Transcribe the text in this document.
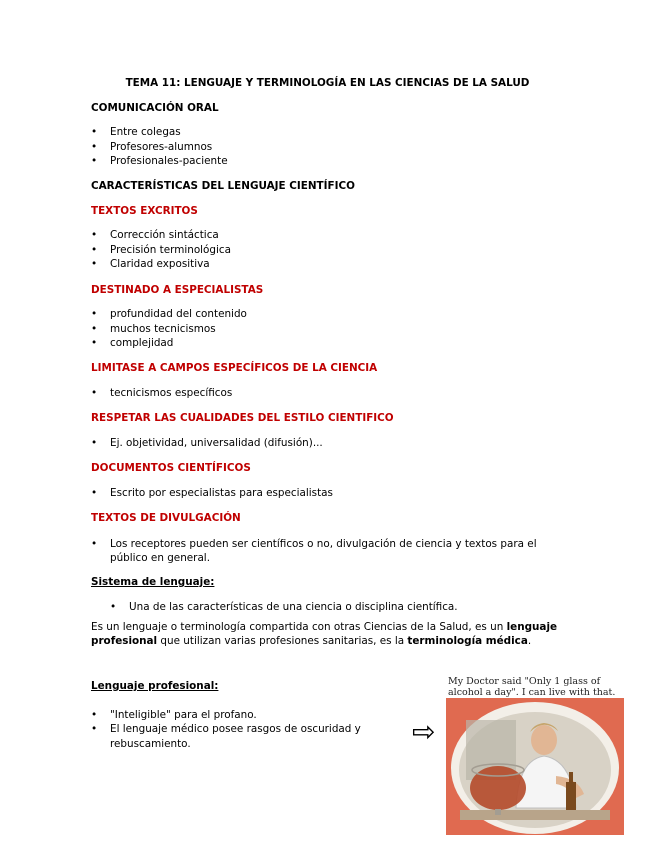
TEMA 11: LENGUAJE Y TERMINOLOGÍA EN LAS CIENCIAS DE LA SALUD
COMUNICACIÓN ORAL
• Entre colegas
• Profesores-alumnos
• Profesionales-paciente
CARACTERÍSTICAS DEL LENGUAJE CIENTÍFICO
TEXTOS EXCRITOS
• Corrección sintáctica
• Precisión terminológica
• Claridad expositiva
DESTINADO A ESPECIALISTAS
• profundidad del contenido
• muchos tecnicismos
• complejidad
LIMITASE A CAMPOS ESPECÍFICOS DE LA CIENCIA
• tecnicismos específicos
RESPETAR LAS CUALIDADES DEL ESTILO CIENTIFICO
• Ej. objetividad, universalidad (difusión)...
DOCUMENTOS CIENTÍFICOS
• Escrito por especialistas para especialistas
TEXTOS DE DIVULGACIÓN
• Los receptores pueden ser científicos o no, divulgación de ciencia y textos para el público en general.
Sistema de lenguaje:
• Una de las características de una ciencia o disciplina científica.
Es un lenguaje o terminología compartida con otras Ciencias de la Salud, es un lenguaje profesional que utilizan varias profesiones sanitarias, es la terminología médica.
Lenguaje profesional:
• "Inteligible" para el profano.
• El lenguaje médico posee rasgos de oscuridad y rebuscamiento.	⇨
My Doctor said "Only 1 glass of
alcohol a day". I can live with that.
